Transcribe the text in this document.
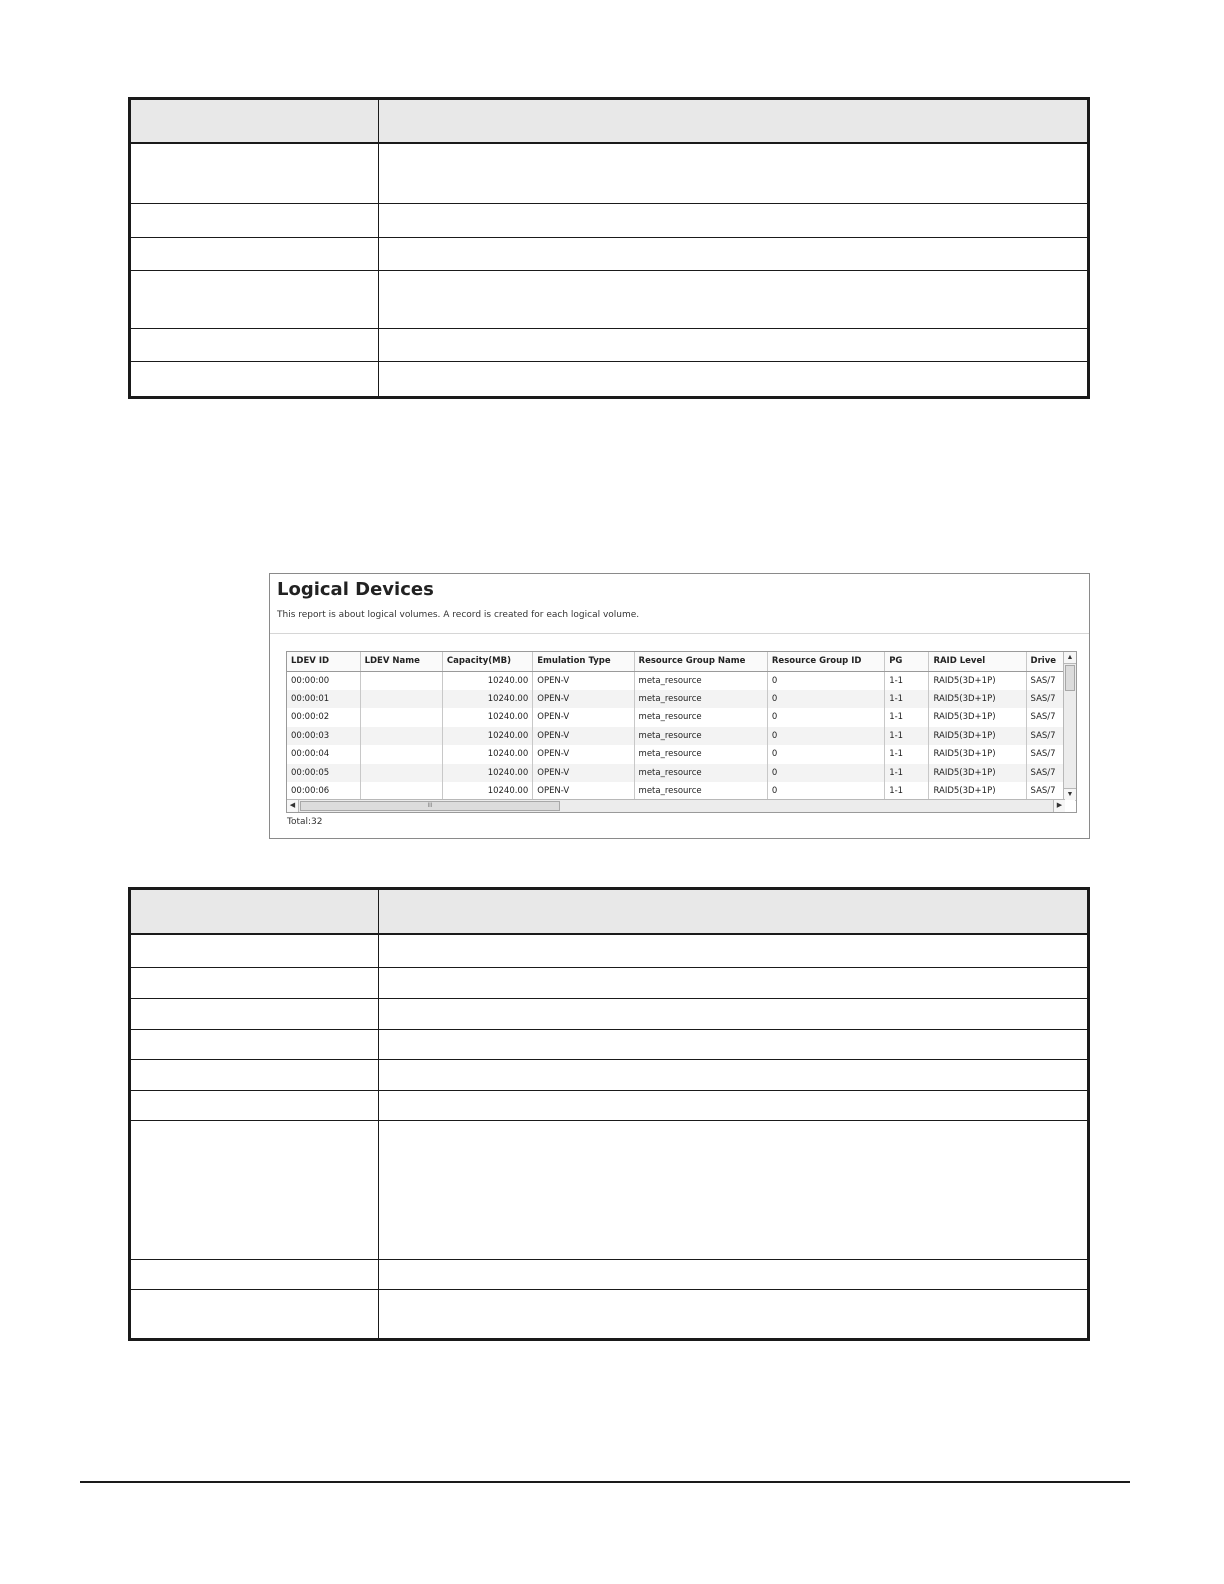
Logical Devices
This report is about logical volumes. A record is created for each logical volume.
LDEV ID	LDEV Name	Capacity(MB)	Emulation Type	Resource Group Name	Resource Group ID	PG	RAID Level	Drive
00:00:00		10240.00	OPEN-V	meta_resource	0	1-1	RAID5(3D+1P)	SAS/7
00:00:01		10240.00	OPEN-V	meta_resource	0	1-1	RAID5(3D+1P)	SAS/7
00:00:02		10240.00	OPEN-V	meta_resource	0	1-1	RAID5(3D+1P)	SAS/7
00:00:03		10240.00	OPEN-V	meta_resource	0	1-1	RAID5(3D+1P)	SAS/7
00:00:04		10240.00	OPEN-V	meta_resource	0	1-1	RAID5(3D+1P)	SAS/7
00:00:05		10240.00	OPEN-V	meta_resource	0	1-1	RAID5(3D+1P)	SAS/7
00:00:06		10240.00	OPEN-V	meta_resource	0	1-1	RAID5(3D+1P)	SAS/7
▲
▼
◀	III	▶
Total:32
